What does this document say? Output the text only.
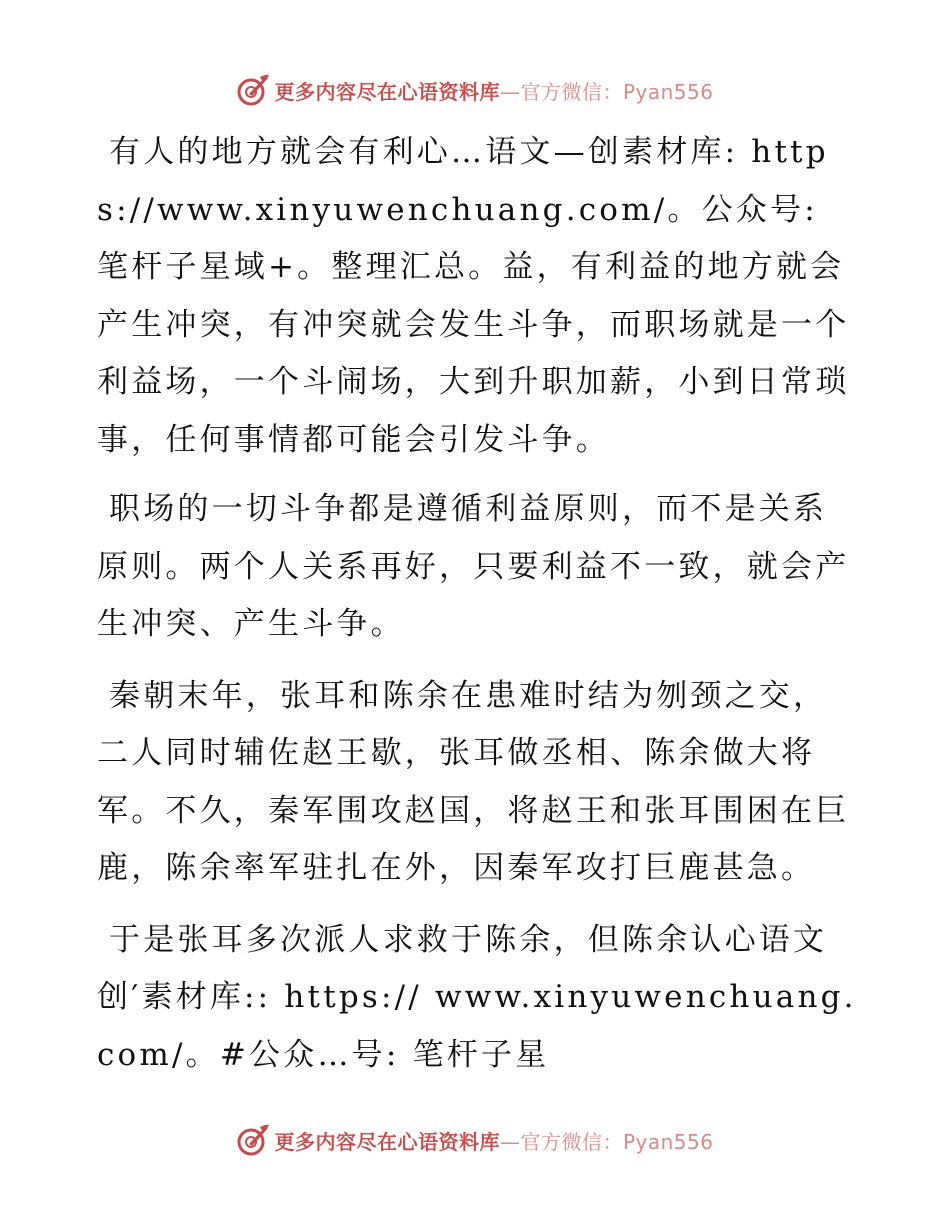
更多内容尽在心语资料库—官方微信：Pyan556

有人的地方就会有利心…语文—创素材库: https://www.xinyuwenchuang.com/。公众号: 笔杆子星域+。整理汇总。益，有利益的地方就会产生冲突，有冲突就会发生斗争，而职场就是一个利益场，一个斗闹场，大到升职加薪，小到日常琐事，任何事情都可能会引发斗争。

职场的一切斗争都是遵循利益原则，而不是关系原则。两个人关系再好，只要利益不一致，就会产生冲突、产生斗争。

秦朝末年，张耳和陈余在患难时结为刎颈之交，二人同时辅佐赵王歇，张耳做丞相、陈余做大将军。不久，秦军围攻赵国，将赵王和张耳围困在巨鹿，陈余率军驻扎在外，因秦军攻打巨鹿甚急。

于是张耳多次派人求救于陈余，但陈余认心语文创′素材库:: https:// www.xinyuwenchuang.com/。#公众…号: 笔杆子星

更多内容尽在心语资料库—官方微信：Pyan556
